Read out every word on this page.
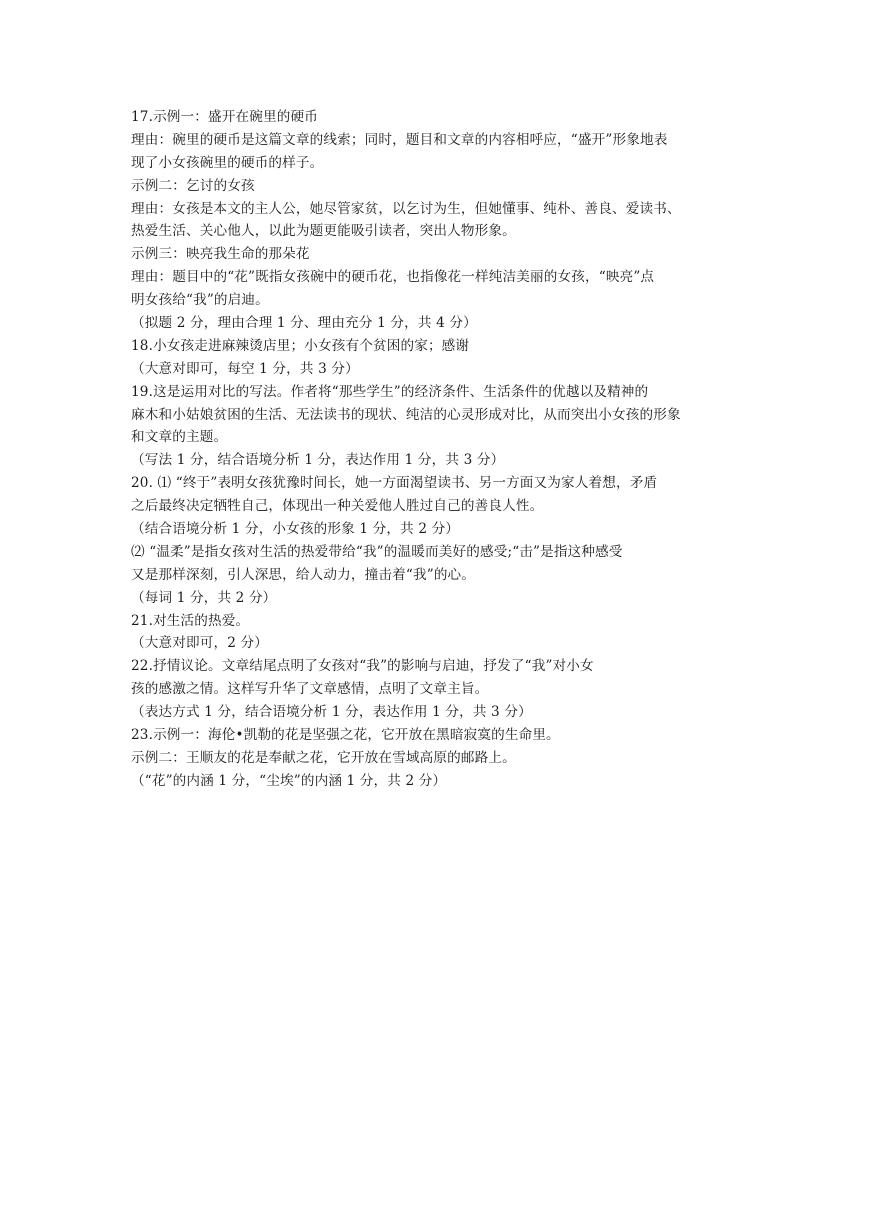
17.示例一：盛开在碗里的硬币
理由：碗里的硬币是这篇文章的线索；同时，题目和文章的内容相呼应，“盛开”形象地表
现了小女孩碗里的硬币的样子。
示例二：乞讨的女孩
理由：女孩是本文的主人公，她尽管家贫，以乞讨为生，但她懂事、纯朴、善良、爱读书、
热爱生活、关心他人，以此为题更能吸引读者，突出人物形象。
示例三：映亮我生命的那朵花
理由：题目中的“花”既指女孩碗中的硬币花，也指像花一样纯洁美丽的女孩，“映亮”点
明女孩给“我”的启迪。
（拟题 2 分，理由合理 1 分、理由充分 1 分，共 4 分）
18.小女孩走进麻辣烫店里；小女孩有个贫困的家；感谢
（大意对即可，每空 1 分，共 3 分）
19.这是运用对比的写法。作者将“那些学生”的经济条件、生活条件的优越以及精神的
麻木和小姑娘贫困的生活、无法读书的现状、纯洁的心灵形成对比，从而突出小女孩的形象
和文章的主题。
（写法 1 分，结合语境分析 1 分，表达作用 1 分，共 3 分）
20. ⑴ “终于”表明女孩犹豫时间长，她一方面渴望读书、另一方面又为家人着想，矛盾
之后最终决定牺牲自己，体现出一种关爱他人胜过自己的善良人性。
（结合语境分析 1 分，小女孩的形象 1 分，共 2 分）
⑵ “温柔”是指女孩对生活的热爱带给“我”的温暖而美好的感受;“击”是指这种感受
又是那样深刻，引人深思，给人动力，撞击着“我”的心。
（每词 1 分，共 2 分）
21.对生活的热爱。
（大意对即可，2 分）
22.抒情议论。文章结尾点明了女孩对“我”的影响与启迪，抒发了“我”对小女
孩的感激之情。这样写升华了文章感情，点明了文章主旨。
（表达方式 1 分，结合语境分析 1 分，表达作用 1 分，共 3 分）
23.示例一：海伦•凯勒的花是坚强之花，它开放在黑暗寂寞的生命里。
示例二：王顺友的花是奉献之花，它开放在雪域高原的邮路上。
（“花”的内涵 1 分，“尘埃”的内涵 1 分，共 2 分）
